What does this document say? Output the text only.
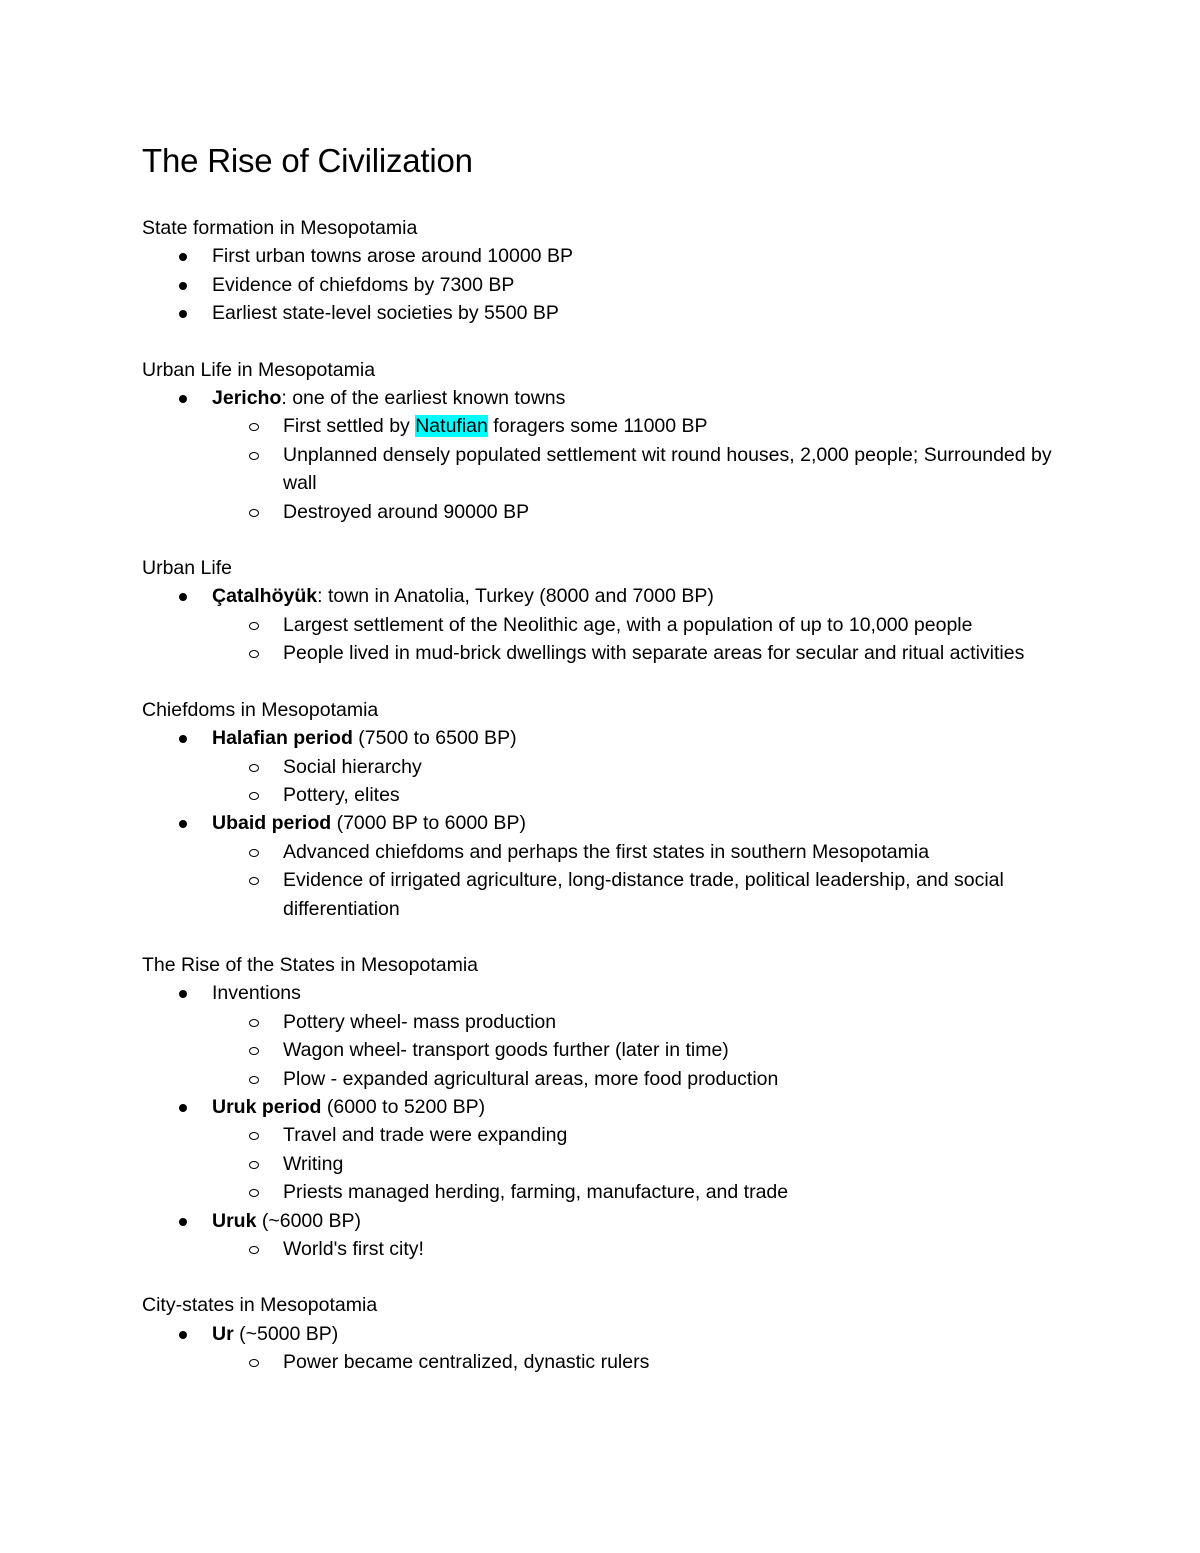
The Rise of Civilization

State formation in Mesopotamia

First urban towns arose around 10000 BP
Evidence of chiefdoms by 7300 BP
Earliest state-level societies by 5500 BP

Urban Life in Mesopotamia

Jericho: one of the earliest known towns
First settled by Natufian foragers some 11000 BP
Unplanned densely populated settlement wit round houses, 2,000 people; Surrounded by wall
Destroyed around 90000 BP

Urban Life

Çatalhöyük: town in Anatolia, Turkey (8000 and 7000 BP)
Largest settlement of the Neolithic age, with a population of up to 10,000 people
People lived in mud-brick dwellings with separate areas for secular and ritual activities

Chiefdoms in Mesopotamia

Halafian period (7500 to 6500 BP)
Social hierarchy
Pottery, elites
Ubaid period (7000 BP to 6000 BP)
Advanced chiefdoms and perhaps the first states in southern Mesopotamia
Evidence of irrigated agriculture, long-distance trade, political leadership, and social differentiation

The Rise of the States in Mesopotamia

Inventions
Pottery wheel- mass production
Wagon wheel- transport goods further (later in time)
Plow - expanded agricultural areas, more food production
Uruk period (6000 to 5200 BP)
Travel and trade were expanding
Writing
Priests managed herding, farming, manufacture, and trade
Uruk (~6000 BP)
World's first city!

City-states in Mesopotamia

Ur (~5000 BP)
Power became centralized, dynastic rulers
